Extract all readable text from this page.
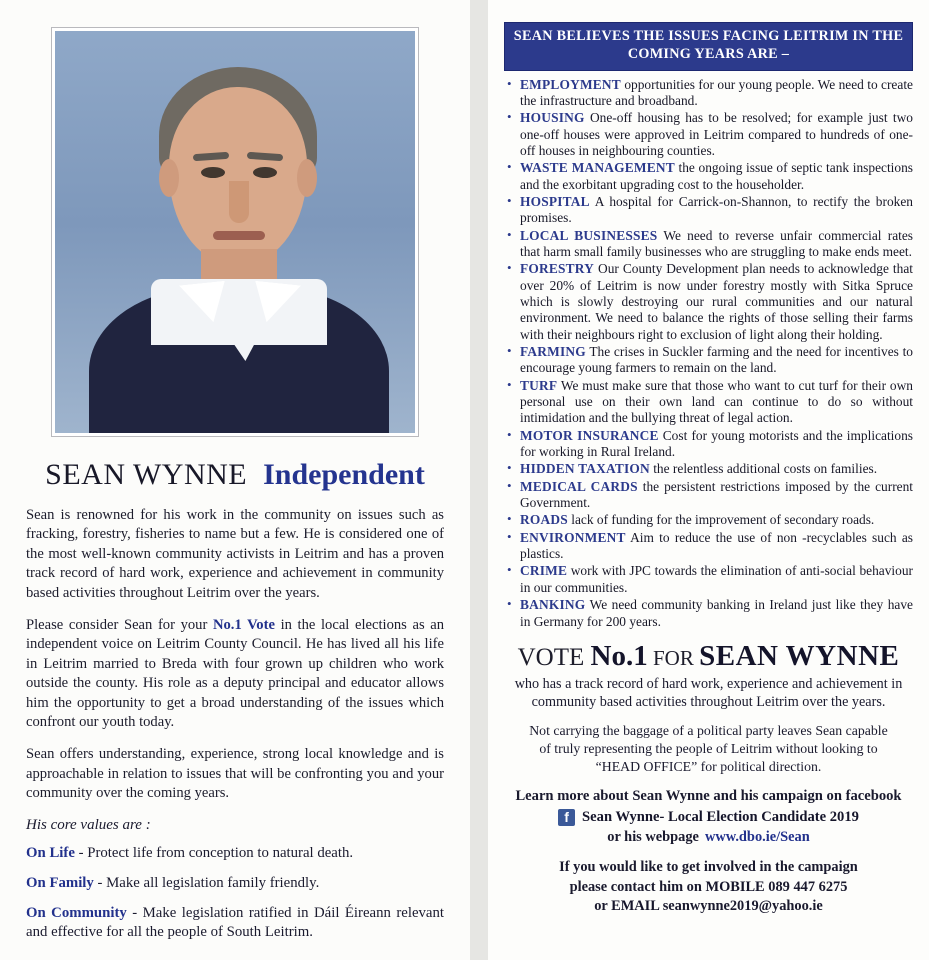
SEAN WYNNE Independent

Sean is renowned for his work in the community on issues such as fracking, forestry, fisheries to name but a few. He is considered one of the most well-known community activists in Leitrim and has a proven track record of hard work, experience and achievement in community based activities throughout Leitrim over the years.

Please consider Sean for your No.1 Vote in the local elections as an independent voice on Leitrim County Council. He has lived all his life in Leitrim married to Breda with four grown up children who work outside the county. His role as a deputy principal and educator allows him the opportunity to get a broad understanding of the issues which confront our youth today.

Sean offers understanding, experience, strong local knowledge and is approachable in relation to issues that will be confronting you and your community over the coming years.

His core values are :
On Life - Protect life from conception to natural death.
On Family - Make all legislation family friendly.
On Community - Make legislation ratified in Dáil Éireann relevant and effective for all the people of South Leitrim.
SEAN BELIEVES THE ISSUES FACING LEITRIM IN THE COMING YEARS ARE –
• EMPLOYMENT opportunities for our young people. We need to create the infrastructure and broadband.
• HOUSING One-off housing has to be resolved; for example just two one-off houses were approved in Leitrim compared to hundreds of one-off houses in neighbouring counties.
• WASTE MANAGEMENT the ongoing issue of septic tank inspections and the exorbitant upgrading cost to the householder.
• HOSPITAL A hospital for Carrick-on-Shannon, to rectify the broken promises.
• LOCAL BUSINESSES We need to reverse unfair commercial rates that harm small family businesses who are struggling to make ends meet.
• FORESTRY Our County Development plan needs to acknowledge that over 20% of Leitrim is now under forestry mostly with Sitka Spruce which is slowly destroying our rural communities and our natural environment. We need to balance the rights of those selling their farms with their neighbours right to exclusion of light along their holding.
• FARMING The crises in Suckler farming and the need for incentives to encourage young farmers to remain on the land.
• TURF We must make sure that those who want to cut turf for their own personal use on their own land can continue to do so without intimidation and the bullying threat of legal action.
• MOTOR INSURANCE Cost for young motorists and the implications for working in Rural Ireland.
• HIDDEN TAXATION the relentless additional costs on families.
• MEDICAL CARDS the persistent restrictions imposed by the current Government.
• ROADS lack of funding for the improvement of secondary roads.
• ENVIRONMENT Aim to reduce the use of non -recyclables such as plastics.
• CRIME work with JPC towards the elimination of anti-social behaviour in our communities.
• BANKING We need community banking in Ireland just like they have in Germany for 200 years.
VOTE No.1 FOR SEAN WYNNE
who has a track record of hard work, experience and achievement in community based activities throughout Leitrim over the years.
Not carrying the baggage of a political party leaves Sean capable of truly representing the people of Leitrim without looking to “HEAD OFFICE” for political direction.
Learn more about Sean Wynne and his campaign on facebook
f Sean Wynne- Local Election Candidate 2019
or his webpage www.dbo.ie/Sean
If you would like to get involved in the campaign
please contact him on MOBILE 089 447 6275
or EMAIL seanwynne2019@yahoo.ie
